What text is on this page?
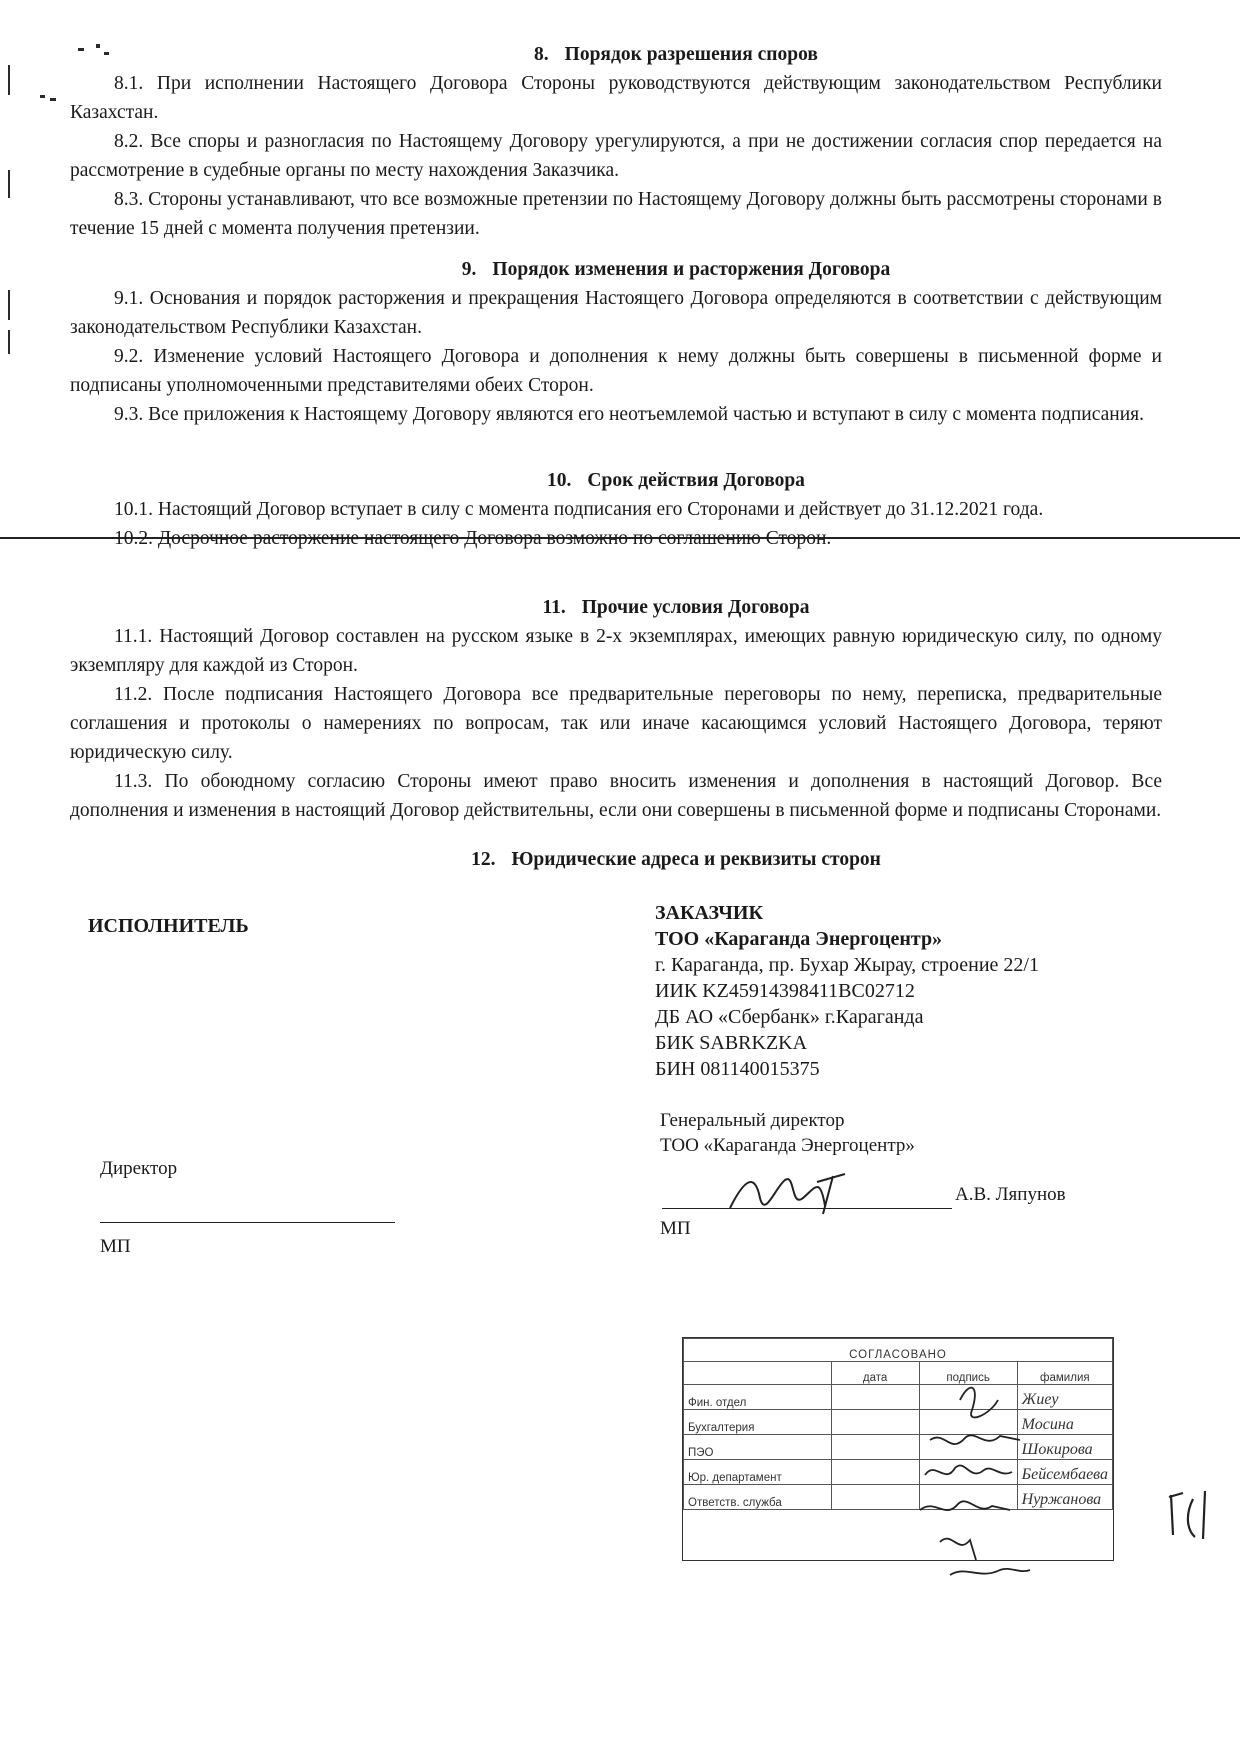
8. Порядок разрешения споров

8.1. При исполнении Настоящего Договора Стороны руководствуются действующим законодательством Республики Казахстан.

8.2. Все споры и разногласия по Настоящему Договору урегулируются, а при не достижении согласия спор передается на рассмотрение в судебные органы по месту нахождения Заказчика.

8.3. Стороны устанавливают, что все возможные претензии по Настоящему Договору должны быть рассмотрены сторонами в течение 15 дней с момента получения претензии.

9. Порядок изменения и расторжения Договора

9.1. Основания и порядок расторжения и прекращения Настоящего Договора определяются в соответствии с действующим законодательством Республики Казахстан.

9.2. Изменение условий Настоящего Договора и дополнения к нему должны быть совершены в письменной форме и подписаны уполномоченными представителями обеих Сторон.

9.3. Все приложения к Настоящему Договору являются его неотъемлемой частью и вступают в силу с момента подписания.

10. Срок действия Договора

10.1. Настоящий Договор вступает в силу с момента подписания его Сторонами и действует до 31.12.2021 года.

10.2. Досрочное расторжение настоящего Договора возможно по соглашению Сторон.

11. Прочие условия Договора

11.1. Настоящий Договор составлен на русском языке в 2-х экземплярах, имеющих равную юридическую силу, по одному экземпляру для каждой из Сторон.

11.2. После подписания Настоящего Договора все предварительные переговоры по нему, переписка, предварительные соглашения и протоколы о намерениях по вопросам, так или иначе касающимся условий Настоящего Договора, теряют юридическую силу.

11.3. По обоюдному согласию Стороны имеют право вносить изменения и дополнения в настоящий Договор. Все дополнения и изменения в настоящий Договор действительны, если они совершены в письменной форме и подписаны Сторонами.

12. Юридические адреса и реквизиты сторон
ИСПОЛНИТЕЛЬ
Директор
МП
ЗАКАЗЧИК
ТОО «Караганда Энергоцентр»
г. Караганда, пр. Бухар Жырау, строение 22/1
ИИК KZ45914398411BC02712
ДБ АО «Сбербанк» г.Караганда
БИК SABRKZKA
БИН 081140015375
Генеральный директор
ТОО «Караганда Энергоцентр»
А.В. Ляпунов
МП
СОГЛАСОВАНО			
	дата	подпись	фамилия
Фин. отдел			Жиеу
Бухгалтерия			Мосина
ПЭО			Шокирова
Юр. департамент			Бейсембаева
Ответств. служба			Нуржанова
